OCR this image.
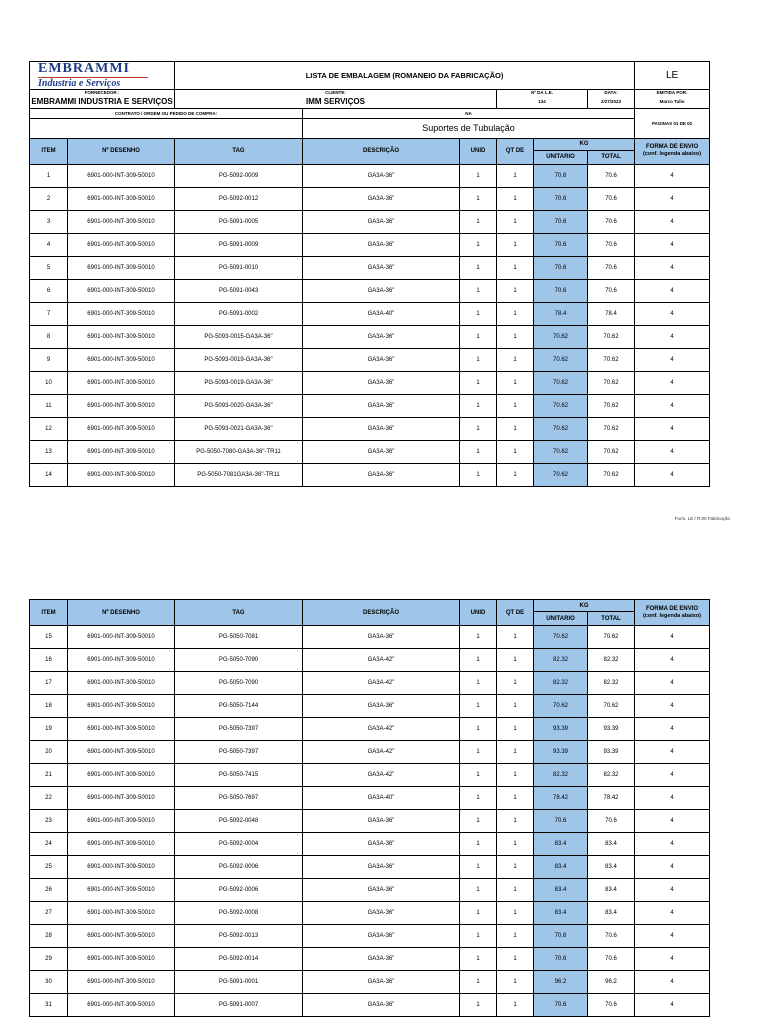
EMBRAMMI
Industria e Serviços		LISTA DE EMBALAGEM (ROMANEIO DA FABRICAÇÃO)						LE
FORNECEDOR :		CLIENTE:			Nº DA L.E.		DATA:	EMITIDA POR:
EMBRAMMI INDUSTRIA E SERVIÇOS		IMM SERVIÇOS			134		2/27/2023	Marco Tulio
CONTRATO / ORDEM OU PEDIDO DE COMPRA:			NA					PAGINAS 01 DE 02
			Suportes de Tubulação					
ITEM	Nº DESENHO	TAG	DESCRIÇÃO	UNID	QT DE	KG		FORMA DE ENVIO
(conf. legenda abaixo)

						UNITARIO	TOTAL	
1	6901-000-INT-309-50010	PG-5092-0009	GA3A-36"	1	1	70.6	70.6	4
2	6901-000-INT-309-50010	PG-5092-0012	GA3A-36"	1	1	70.6	70.6	4
3	6901-000-INT-309-50010	PG-5091-0005	GA3A-36"	1	1	70.6	70.6	4
4	6901-000-INT-309-50010	PG-5091-0009	GA3A-36"	1	1	70.6	70.6	4
5	6901-000-INT-309-50010	PG-5091-0010	GA3A-36"	1	1	70.6	70.6	4
6	6901-000-INT-309-50010	PG-5091-0043	GA3A-36"	1	1	70.6	70.6	4
7	6901-000-INT-309-50010	PG-5091-0002	GA3A-40"	1	1	78.4	78.4	4
8	6901-000-INT-309-50010	PG-5093-0015-GA3A-36"	GA3A-36"	1	1	70.62	70.62	4
9	6901-000-INT-309-50010	PG-5093-0019-GA3A-36"	GA3A-36"	1	1	70.62	70.62	4
10	6901-000-INT-309-50010	PG-5093-0019-GA3A-36"	GA3A-36"	1	1	70.62	70.62	4
11	6901-000-INT-309-50010	PG-5093-0020-GA3A-36"	GA3A-36"	1	1	70.62	70.62	4
12	6901-000-INT-309-50010	PG-5093-0021-GA3A-36"	GA3A-36"	1	1	70.62	70.62	4
13	6901-000-INT-309-50010	PG-5050-7080-GA3A-36"-TR11	GA3A-36"	1	1	70.62	70.62	4
14	6901-000-INT-309-50010	PG-5050-7081GA3A-36"-TR11	GA3A-36"	1	1	70.62	70.62	4
Form. LE / R:00 Fabricação
ITEM	Nº DESENHO	TAG	DESCRIÇÃO	UNID	QT DE	KG		FORMA DE ENVIO
(conf. legenda abaixo)

						UNITARIO	TOTAL	
15	6901-000-INT-309-50010	PG-5050-7081	GA3A-36"	1	1	70.62	70.62	4
16	6901-000-INT-309-50010	PG-5050-7090	GA3A-42"	1	1	82.32	82.32	4
17	6901-000-INT-309-50010	PG-5050-7090	GA3A-42"	1	1	82.32	82.32	4
18	6901-000-INT-309-50010	PG-5050-7144	GA3A-36"	1	1	70.62	70.62	4
19	6901-000-INT-309-50010	PG-5050-7397	GA3A-42"	1	1	93.39	93.39	4
20	6901-000-INT-309-50010	PG-5050-7397	GA3A-42"	1	1	93.39	93.39	4
21	6901-000-INT-309-50010	PG-5050-7415	GA3A-42"	1	1	82.32	82.32	4
22	6901-000-INT-309-50010	PG-5050-7697	GA3A-40"	1	1	78.42	78.42	4
23	6901-000-INT-309-50010	PG-5092-0048	GA3A-36"	1	1	70.6	70.6	4
24	6901-000-INT-309-50010	PG-5092-0004	GA3A-36"	1	1	83.4	83.4	4
25	6901-000-INT-309-50010	PG-5092-0006	GA3A-36"	1	1	83.4	83.4	4
26	6901-000-INT-309-50010	PG-5092-0006	GA3A-36"	1	1	83.4	83.4	4
27	6901-000-INT-309-50010	PG-5092-0008	GA3A-36"	1	1	83.4	83.4	4
28	6901-000-INT-309-50010	PG-5092-0013	GA3A-36"	1	1	70.6	70.6	4
29	6901-000-INT-309-50010	PG-5092-0014	GA3A-36"	1	1	70.6	70.6	4
30	6901-000-INT-309-50010	PG-5091-0001	GA3A-36"	1	1	96.2	96.2	4
31	6901-000-INT-309-50010	PG-5091-0007	GA3A-36"	1	1	70.6	70.6	4
